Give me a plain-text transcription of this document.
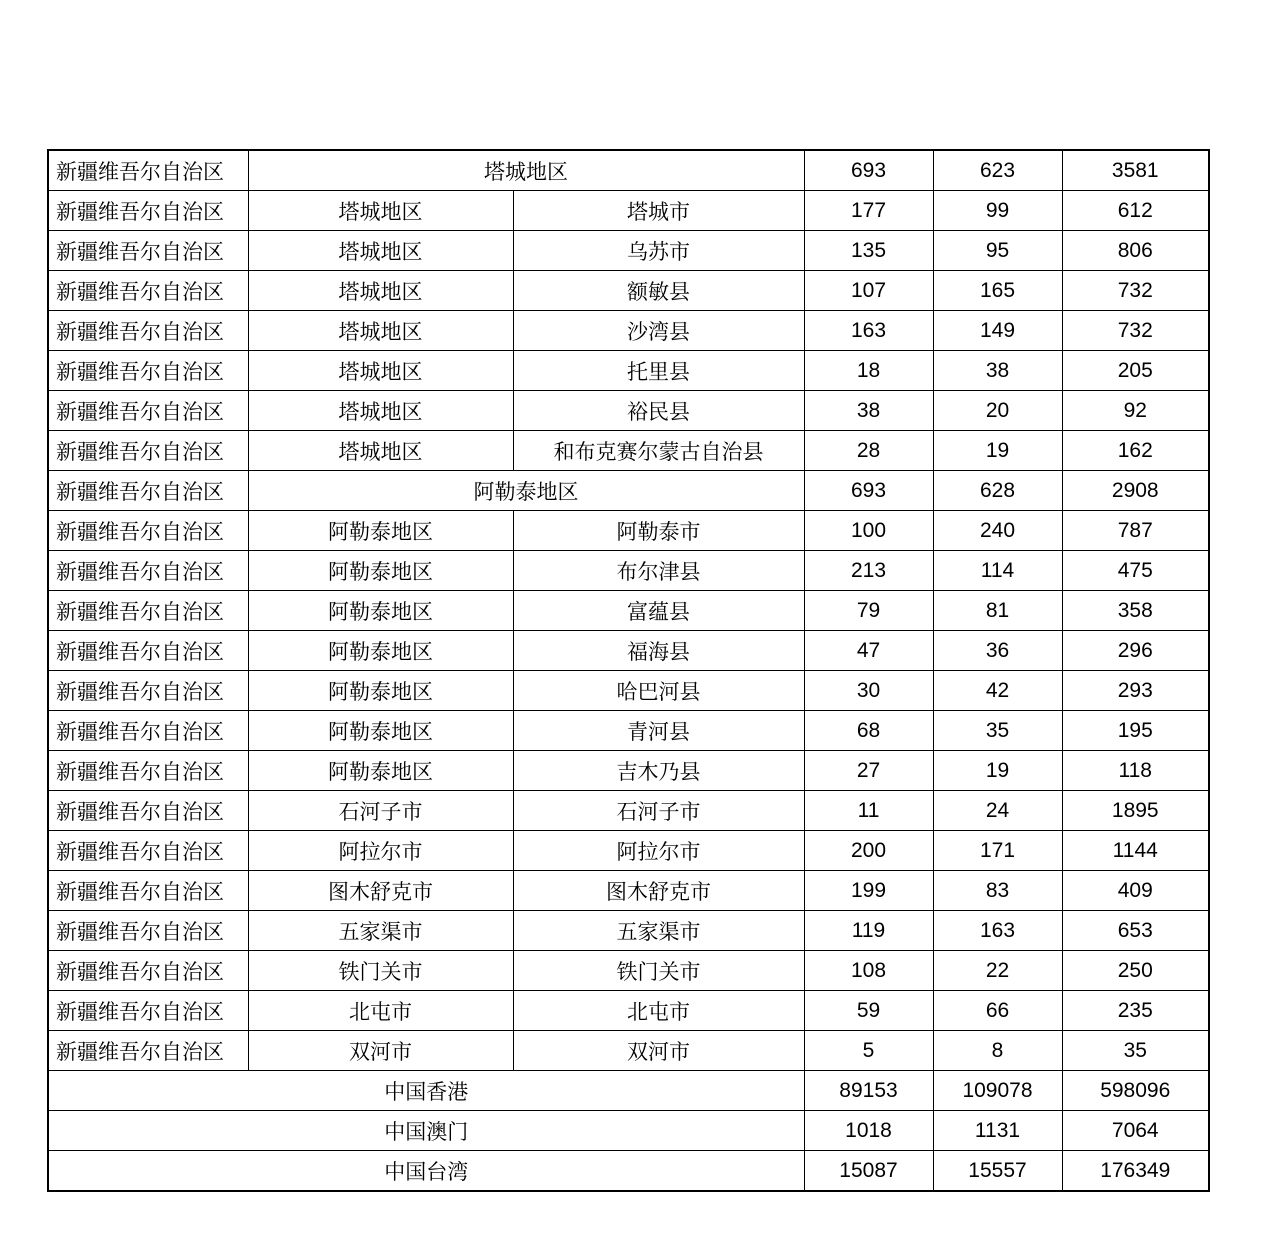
新疆维吾尔自治区	塔城地区		693	623	3581
新疆维吾尔自治区	塔城地区	塔城市	177	99	612
新疆维吾尔自治区	塔城地区	乌苏市	135	95	806
新疆维吾尔自治区	塔城地区	额敏县	107	165	732
新疆维吾尔自治区	塔城地区	沙湾县	163	149	732
新疆维吾尔自治区	塔城地区	托里县	18	38	205
新疆维吾尔自治区	塔城地区	裕民县	38	20	92
新疆维吾尔自治区	塔城地区	和布克赛尔蒙古自治县	28	19	162
新疆维吾尔自治区	阿勒泰地区		693	628	2908
新疆维吾尔自治区	阿勒泰地区	阿勒泰市	100	240	787
新疆维吾尔自治区	阿勒泰地区	布尔津县	213	114	475
新疆维吾尔自治区	阿勒泰地区	富蕴县	79	81	358
新疆维吾尔自治区	阿勒泰地区	福海县	47	36	296
新疆维吾尔自治区	阿勒泰地区	哈巴河县	30	42	293
新疆维吾尔自治区	阿勒泰地区	青河县	68	35	195
新疆维吾尔自治区	阿勒泰地区	吉木乃县	27	19	118
新疆维吾尔自治区	石河子市	石河子市	11	24	1895
新疆维吾尔自治区	阿拉尔市	阿拉尔市	200	171	1144
新疆维吾尔自治区	图木舒克市	图木舒克市	199	83	409
新疆维吾尔自治区	五家渠市	五家渠市	119	163	653
新疆维吾尔自治区	铁门关市	铁门关市	108	22	250
新疆维吾尔自治区	北屯市	北屯市	59	66	235
新疆维吾尔自治区	双河市	双河市	5	8	35
中国香港			89153	109078	598096
中国澳门			1018	1131	7064
中国台湾			15087	15557	176349
